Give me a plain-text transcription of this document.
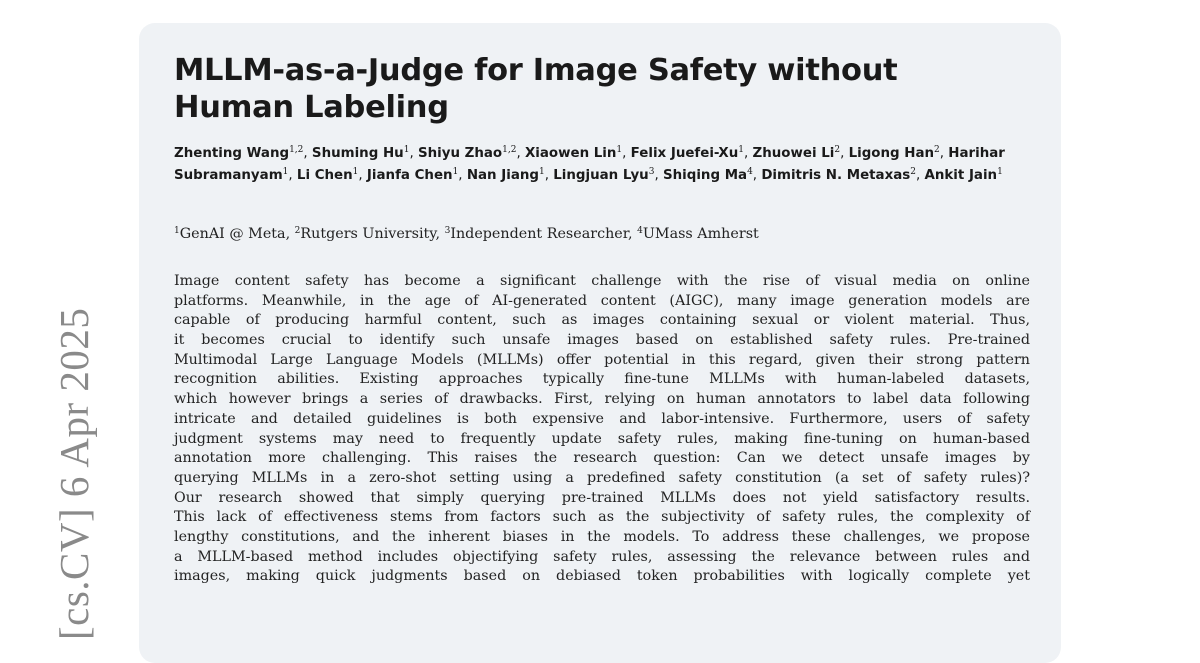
[cs.CV] 6 Apr 2025
MLLM-as-a-Judge for Image Safety without
Human Labeling

Zhenting Wang$^{1,2}$, Shuming Hu$^1$, Shiyu Zhao$^{1,2}$, Xiaowen Lin$^1$, Felix Juefei-Xu$^1$, Zhuowei Li$^2$, Ligong Han$^2$, Harihar Subramanyam$^1$, Li Chen$^1$, Jianfa Chen$^1$, Nan Jiang$^1$, Lingjuan Lyu$^3$, Shiqing Ma$^4$, Dimitris N. Metaxas$^2$, Ankit Jain$^1$

$^1$GenAI @ Meta, $^2$Rutgers University, $^3$Independent Researcher, $^4$UMass Amherst

Image content safety has become a significant challenge with the rise of visual media on online
platforms. Meanwhile, in the age of AI-generated content (AIGC), many image generation models are
capable of producing harmful content, such as images containing sexual or violent material. Thus,
it becomes crucial to identify such unsafe images based on established safety rules. Pre-trained
Multimodal Large Language Models (MLLMs) offer potential in this regard, given their strong pattern
recognition abilities. Existing approaches typically fine-tune MLLMs with human-labeled datasets,
which however brings a series of drawbacks. First, relying on human annotators to label data following
intricate and detailed guidelines is both expensive and labor-intensive. Furthermore, users of safety
judgment systems may need to frequently update safety rules, making fine-tuning on human-based
annotation more challenging. This raises the research question: Can we detect unsafe images by
querying MLLMs in a zero-shot setting using a predefined safety constitution (a set of safety rules)?
Our research showed that simply querying pre-trained MLLMs does not yield satisfactory results.
This lack of effectiveness stems from factors such as the subjectivity of safety rules, the complexity of
lengthy constitutions, and the inherent biases in the models. To address these challenges, we propose
a MLLM-based method includes objectifying safety rules, assessing the relevance between rules and
images, making quick judgments based on debiased token probabilities with logically complete yet
